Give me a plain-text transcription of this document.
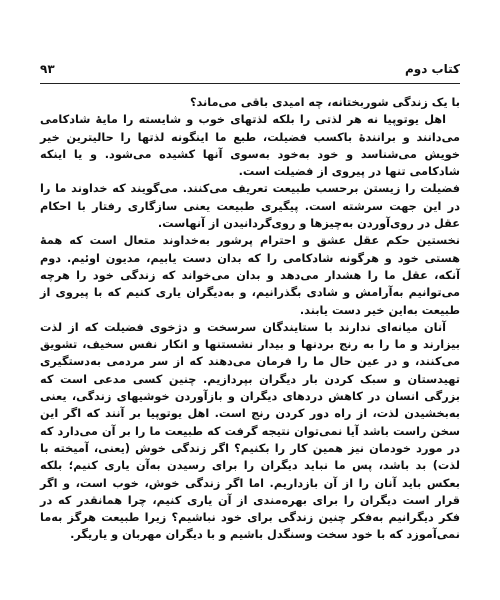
کتاب دوم
۹۳

با یک زندگی شوربختانه، چه امیدی باقی می‌ماند؟

اهل یوتوپیا نه هر لذتی را بلکه لذتهای خوب و شایسته را مایهٔ شادکامی می‌دانند و برانندهٔ باکسب فضیلت، طبع ما اینگونه لذتها را حالیترین خیر خویش می‌شناسد و خود به‌خود به‌سوی آنها کشیده می‌شود. و یا اینکه شادکامی تنها در پیروی از فضیلت است.

فضیلت را زیستن برحسب طبیعت تعریف می‌کنند. می‌گویند که خداوند ما را در این جهت سرشته است. پیگیری طبیعت یعنی سازگاری رفتار با احکام عقل در روی‌آوردن به‌چیزها و روی‌گردانیدن از آنهاست.

نخستین حکم عقل عشق و احترام پرشور به‌خداوند متعال است که همهٔ هستی خود و هرگونه شادکامی را که بدان دست یابیم، مدیون اوئیم. دوم آنکه، عقل ما را هشدار می‌دهد و بدان می‌خواند که زندگی خود را هرچه می‌توانیم به‌آرامش و شادی بگذرانیم، و به‌دیگران یاری کنیم که با پیروی از طبیعت به‌این خیر دست یابند.

آنان میانه‌ای ندارند با ستایندگان سرسخت و دژخوی فضیلت که از لذت بیزارند و ما را به رنج بردنها و بیدار نشستنها و انکار نفس سخیف، تشویق می‌کنند، و در عین حال ما را فرمان می‌دهند که از سر مردمی به‌دستگیری تهیدستان و سبک کردن بار دیگران بپردازیم. چنین کسی مدعی است که بزرگی انسان در کاهش دردهای دیگران و بازآوردن خوشیهای زندگی، یعنی به‌بخشیدن لذت، از راه دور کردن رنج است. اهل یوتوپیا بر آنند که اگر این سخن راست باشد آیا نمی‌توان نتیجه گرفت که طبیعت ما را بر آن می‌دارد که در مورد خودمان نیز همین کار را بکنیم؟ اگر زندگی خوش (یعنی، آمیخته با لذت) بد باشد، پس ما نباید دیگران را برای رسیدن به‌آن یاری کنیم؛ بلکه بعکس باید آنان را از آن بازداریم. اما اگر زندگی خوش، خوب است، و اگر قرار است دیگران را برای بهره‌مندی از آن یاری کنیم، چرا همانقدر که در فکر دیگرانیم به‌فکر چنین زندگی برای خود نباشیم؟ زیرا طبیعت هرگز به‌ما نمی‌آموزد که با خود سخت وسنگدل باشیم و با دیگران مهربان و یاریگر.
